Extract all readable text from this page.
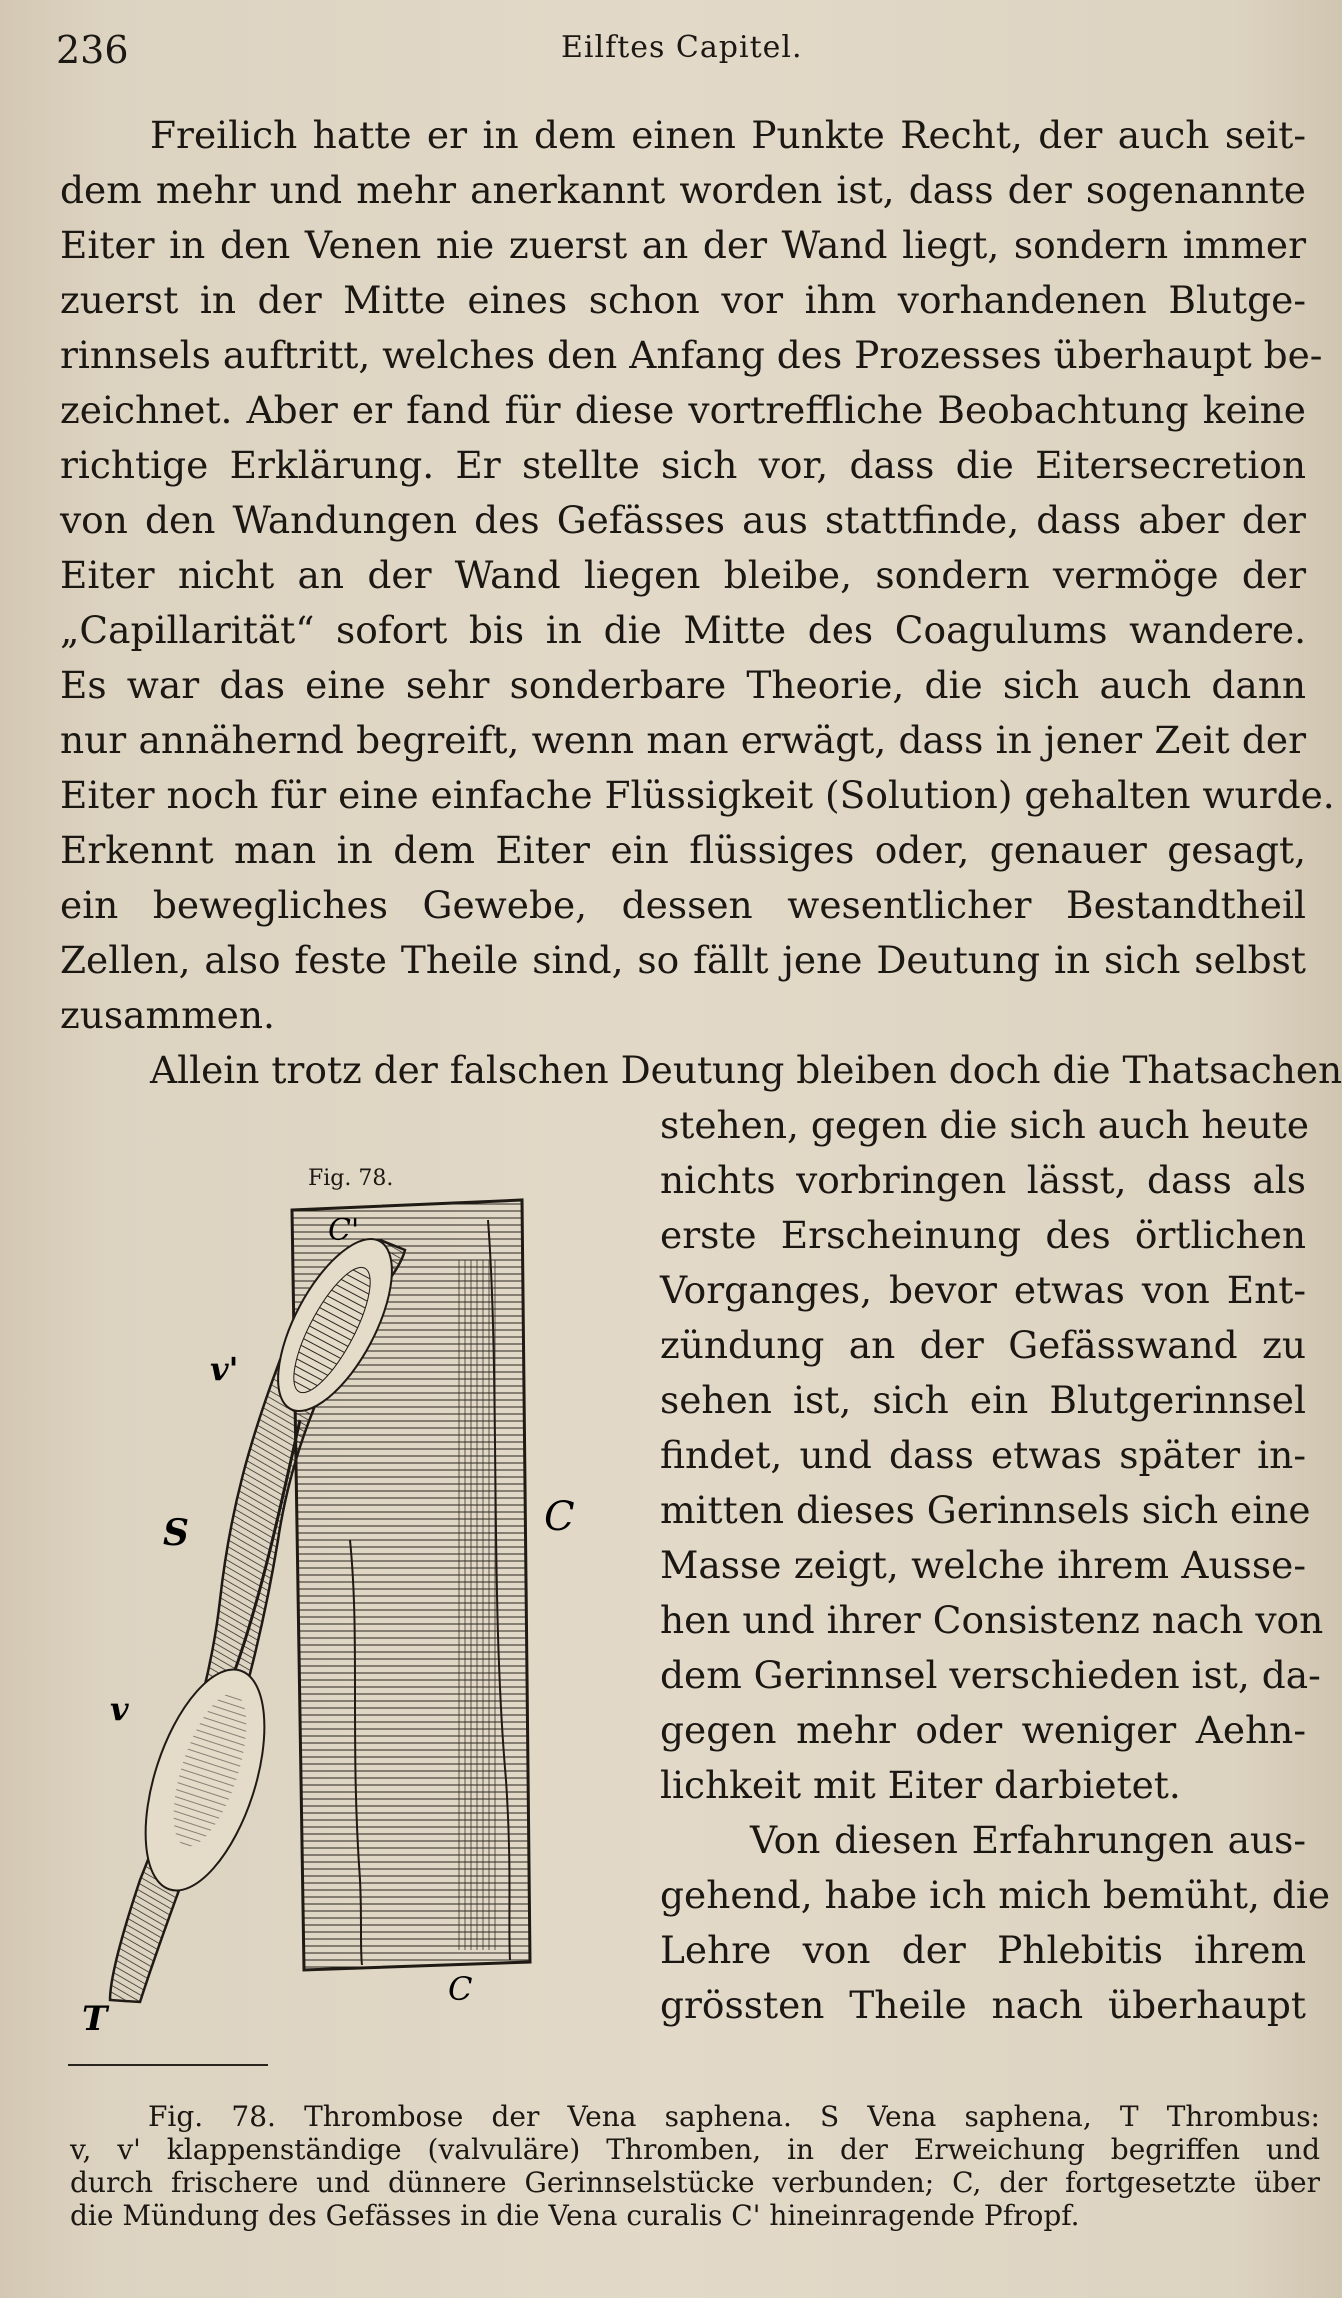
236	Eilftes Capitel.
Freilich hatte er in dem einen Punkte Recht, der auch seit-
dem mehr und mehr anerkannt worden ist, dass der sogenannte
Eiter in den Venen nie zuerst an der Wand liegt, sondern immer
zuerst in der Mitte eines schon vor ihm vorhandenen Blutge-
rinnsels auftritt, welches den Anfang des Prozesses überhaupt be-
zeichnet. Aber er fand für diese vortreffliche Beobachtung keine
richtige Erklärung. Er stellte sich vor, dass die Eitersecretion
von den Wandungen des Gefässes aus stattfinde, dass aber der
Eiter nicht an der Wand liegen bleibe, sondern vermöge der
„Capillarität“ sofort bis in die Mitte des Coagulums wandere.
Es war das eine sehr sonderbare Theorie, die sich auch dann
nur annähernd begreift, wenn man erwägt, dass in jener Zeit der
Eiter noch für eine einfache Flüssigkeit (Solution) gehalten wurde.
Erkennt man in dem Eiter ein flüssiges oder, genauer gesagt,
ein bewegliches Gewebe, dessen wesentlicher Bestandtheil
Zellen, also feste Theile sind, so fällt jene Deutung in sich selbst
zusammen.
Allein trotz der falschen Deutung bleiben doch die Thatsachen
stehen, gegen die sich auch heute
nichts vorbringen lässt, dass als
erste Erscheinung des örtlichen
Vorganges, bevor etwas von Ent-
zündung an der Gefässwand zu
sehen ist, sich ein Blutgerinnsel
findet, und dass etwas später in-
mitten dieses Gerinnsels sich eine
Masse zeigt, welche ihrem Ausse-
hen und ihrer Consistenz nach von
dem Gerinnsel verschieden ist, da-
gegen mehr oder weniger Aehn-
lichkeit mit Eiter darbietet.
Von diesen Erfahrungen aus-
gehend, habe ich mich bemüht, die
Lehre von der Phlebitis ihrem
grössten Theile nach überhaupt
Fig. 78.
C'
C
C
v'
v
S
T
Fig. 78. Thrombose der Vena saphena. S Vena saphena, T Thrombus:
v, v' klappenständige (valvuläre) Thromben, in der Erweichung begriffen und
durch frischere und dünnere Gerinnselstücke verbunden; C, der fortgesetzte über
die Mündung des Gefässes in die Vena curalis C' hineinragende Pfropf.
